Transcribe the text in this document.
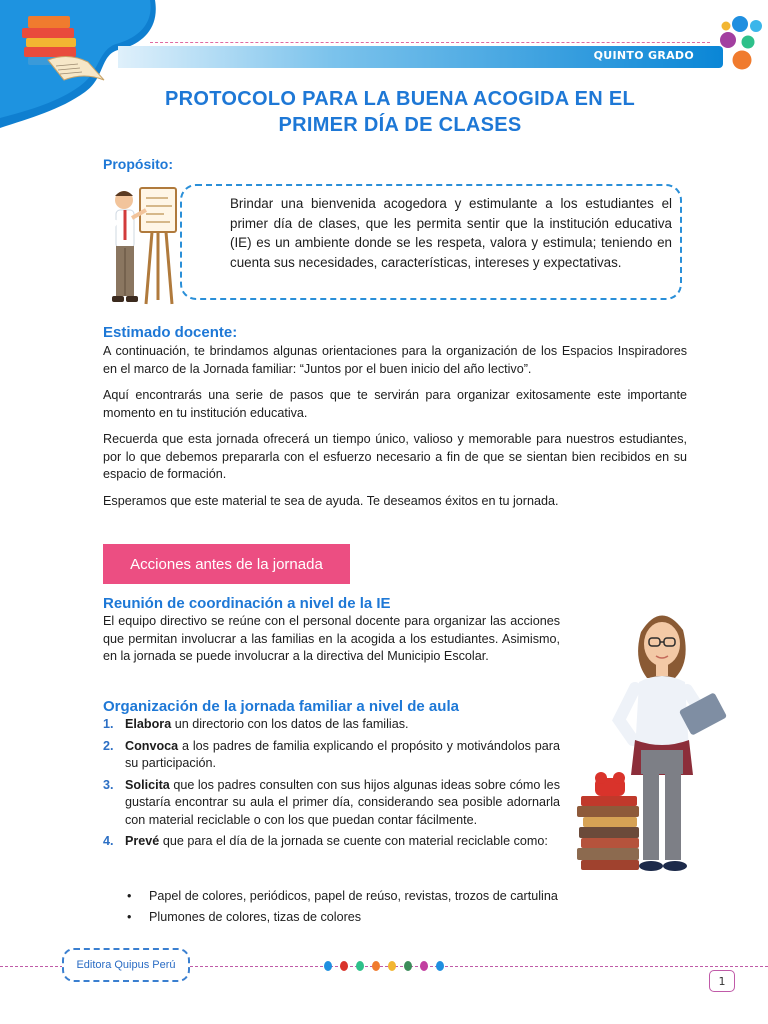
QUINTO GRADO
PROTOCOLO PARA LA BUENA ACOGIDA EN EL
PRIMER DÍA DE CLASES
Propósito:
Brindar una bienvenida acogedora y estimulante a los estudiantes el primer día de clases, que les permita sentir que la institución educativa (IE) es un ambiente donde se les respeta, valora y estimula; teniendo en cuenta sus necesidades, características, intereses y expectativas.
Estimado docente:

A continuación, te brindamos algunas orientaciones para la organización de los Espacios Inspiradores en el marco de la Jornada familiar: “Juntos por el buen inicio del año lectivo”.

Aquí encontrarás una serie de pasos que te servirán para organizar exitosamente este importante momento en tu institución educativa.

Recuerda que esta jornada ofrecerá un tiempo único, valioso y memorable para nuestros estudiantes, por lo que debemos prepararla con el esfuerzo necesario a fin de que se sientan bien recibidos en su espacio de formación.

Esperamos que este material te sea de ayuda. Te deseamos éxitos en tu jornada.

Acciones antes de la jornada
Reunión de coordinación a nivel de la IE

El equipo directivo se reúne con el personal docente para organizar las acciones que permitan involucrar a las familias en la acogida a los estudiantes. Asimismo, en la jornada se puede involucrar a la directiva del Municipio Escolar.

Organización de la jornada familiar a nivel de aula
1. Elabora un directorio con los datos de las familias.
2. Convoca a los padres de familia explicando el propósito y motivándolos para su participación.
3. Solicita que los padres consulten con sus hijos algunas ideas sobre cómo les gustaría encontrar su aula el primer día, considerando sea posible adornarla con material reciclable o con los que puedan contar fácilmente.
4. Prevé que para el día de la jornada se cuente con material reciclable como:
• Papel de colores, periódicos, papel de reúso, revistas, trozos de cartulina
• Plumones de colores, tizas de colores
Editora Quipus Perú
1
